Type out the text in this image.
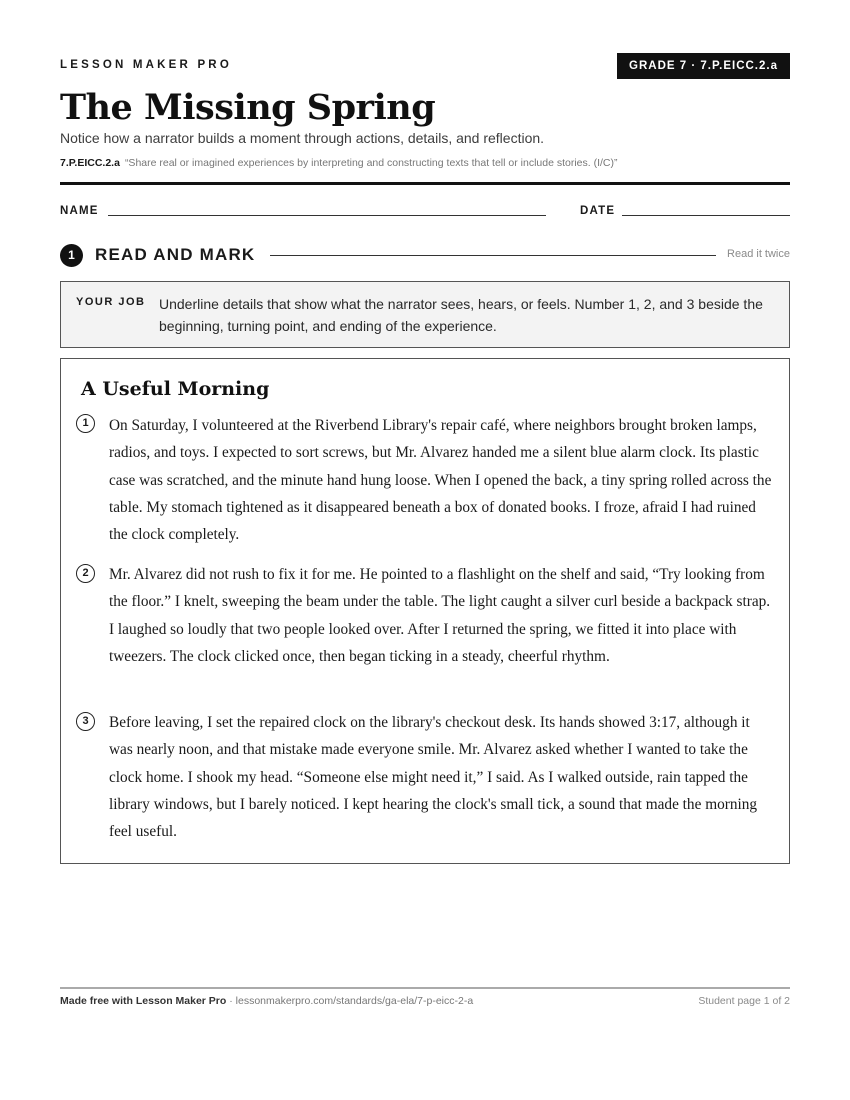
LESSON MAKER PRO	GRADE 7 · 7.P.EICC.2.a
The Missing Spring
Notice how a narrator builds a moment through actions, details, and reflection.
7.P.EICC.2.a “Share real or imagined experiences by interpreting and constructing texts that tell or include stories. (I/C)”
NAME	DATE
1	READ AND MARK	Read it twice
YOUR JOB Underline details that show what the narrator sees, hears, or feels. Number 1, 2, and 3 beside the beginning, turning point, and ending of the experience.
A Useful Morning
1	On Saturday, I volunteered at the Riverbend Library's repair café, where neighbors brought broken lamps, radios, and toys. I expected to sort screws, but Mr. Alvarez handed me a silent blue alarm clock. Its plastic case was scratched, and the minute hand hung loose. When I opened the back, a tiny spring rolled across the table. My stomach tightened as it disappeared beneath a box of donated books. I froze, afraid I had ruined the clock completely.

2	Mr. Alvarez did not rush to fix it for me. He pointed to a flashlight on the shelf and said, “Try looking from the floor.” I knelt, sweeping the beam under the table. The light caught a silver curl beside a backpack strap. I laughed so loudly that two people looked over. After I returned the spring, we fitted it into place with tweezers. The clock clicked once, then began ticking in a steady, cheerful rhythm.

3	Before leaving, I set the repaired clock on the library's checkout desk. Its hands showed 3:17, although it was nearly noon, and that mistake made everyone smile. Mr. Alvarez asked whether I wanted to take the clock home. I shook my head. “Someone else might need it,” I said. As I walked outside, rain tapped the library windows, but I barely noticed. I kept hearing the clock's small tick, a sound that made the morning feel useful.

Made free with Lesson Maker Pro · lessonmakerpro.com/standards/ga-ela/7-p-eicc-2-a	Student page 1 of 2
